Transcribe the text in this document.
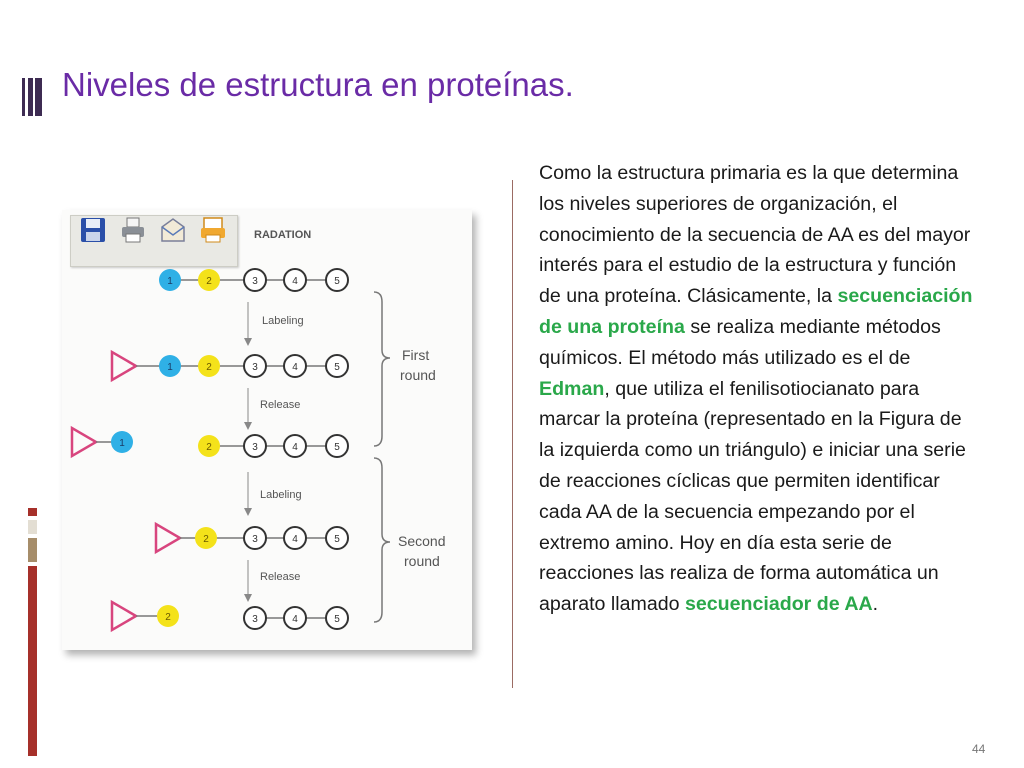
Niveles de estructura en proteínas.
RADATION
1	2	3	4	5
Labeling
1	2	3	4	5
Release
1	2	3	4	5
Labeling
2	3	4	5
Release
2	3	4	5
First
round
Second
round
Como la estructura primaria es la que determina los niveles superiores de organización, el conocimiento de la secuencia de AA es del mayor interés para el estudio de la estructura y función de una proteína. Clásicamente, la secuenciación de una proteína se realiza mediante métodos químicos. El método más utilizado es el de Edman, que utiliza el fenilisotiocianato para marcar la proteína (representado en la Figura de la izquierda como un triángulo) e iniciar una serie de reacciones cíclicas que permiten identificar cada AA de la secuencia empezando por el extremo amino. Hoy en día esta serie de reacciones las realiza de forma automática un aparato llamado secuenciador de AA.
44
